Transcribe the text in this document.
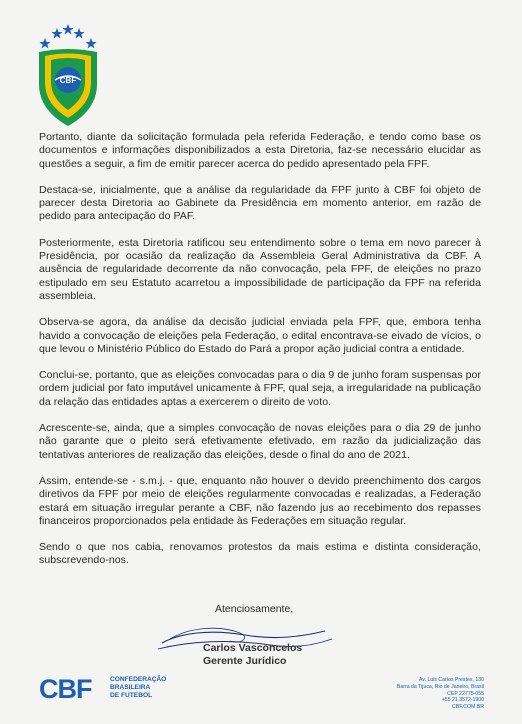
CBF

Portanto, diante da solicitação formulada pela referida Federação, e tendo como base os documentos e informações disponibilizados a esta Diretoria, faz-se necessário elucidar as questões a seguir, a fim de emitir parecer acerca do pedido apresentado pela FPF.

Destaca-se, inicialmente, que a análise da regularidade da FPF junto à CBF foi objeto de parecer desta Diretoria ao Gabinete da Presidência em momento anterior, em razão de pedido para antecipação do PAF.

Posteriormente, esta Diretoria ratificou seu entendimento sobre o tema em novo parecer à Presidência, por ocasião da realização da Assembleia Geral Administrativa da CBF. A ausência de regularidade decorrente da não convocação, pela FPF, de eleições no prazo estipulado em seu Estatuto acarretou a impossibilidade de participação da FPF na referida assembleia.

Observa-se agora, da análise da decisão judicial enviada pela FPF, que, embora tenha havido a convocação de eleições pela Federação, o edital encontrava-se eivado de vícios, o que levou o Ministério Público do Estado do Pará a propor ação judicial contra a entidade.

Conclui-se, portanto, que as eleições convocadas para o dia 9 de junho foram suspensas por ordem judicial por fato imputável unicamente à FPF, qual seja, a irregularidade na publicação da relação das entidades aptas a exercerem o direito de voto.

Acrescente-se, ainda, que a simples convocação de novas eleições para o dia 29 de junho não garante que o pleito será efetivamente efetivado, em razão da judicialização das tentativas anteriores de realização das eleições, desde o final do ano de 2021.

Assim, entende-se - s.m.j. - que, enquanto não houver o devido preenchimento dos cargos diretivos da FPF por meio de eleições regularmente convocadas e realizadas, a Federação estará em situação irregular perante a CBF, não fazendo jus ao recebimento dos repasses financeiros proporcionados pela entidade às Federações em situação regular.

Sendo o que nos cabia, renovamos protestos da mais estima e distinta consideração, subscrevendo-nos.

Atenciosamente,
Carlos Vasconcelos
Gerente Jurídico
CBF	CONFEDERAÇÃO
BRASILEIRA
DE FUTEBOL
Av. Luis Carlos Prestes, 130
Barra da Tijuca, Rio de Janeiro, Brasil
CEP 22775-055
+55 21 3572-1900
CBF.COM.BR
